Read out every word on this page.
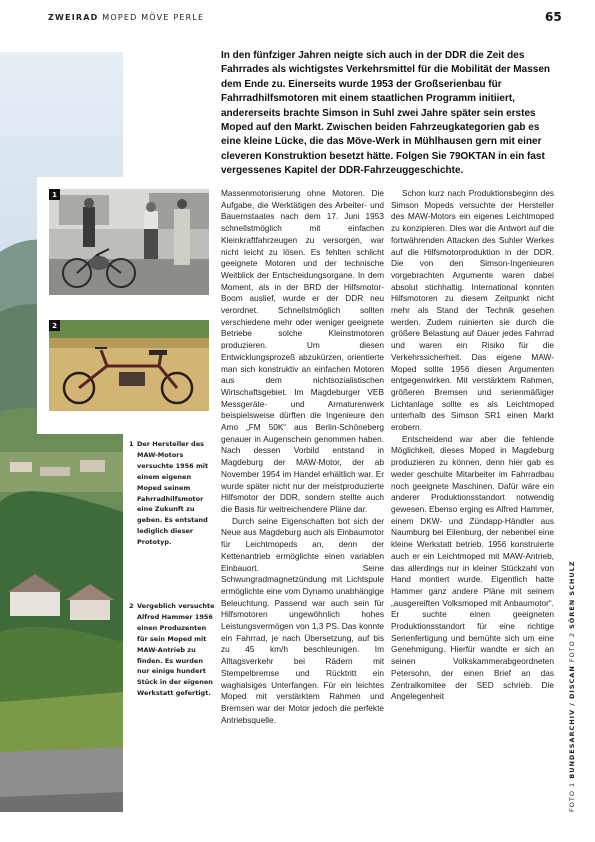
ZWEIRAD MOPED MÖVE PERLE	65
1
2
1 Der Hersteller des MAW-Motors versuchte 1956 mit einem eigenen Moped seinem Fahrradhilfsmotor eine Zukunft zu geben. Es entstand lediglich dieser Prototyp.
2 Vergeblich versuchte Alfred Hammer 1956 einen Produzenten für sein Moped mit MAW-Antrieb zu finden. Es wurden nur einige hundert Stück in der eigenen Werkstatt gefertigt.
In den fünfziger Jahren neigte sich auch in der DDR die Zeit des Fahrrades als wichtigstes Verkehrsmittel für die Mobilität der Massen dem Ende zu. Einerseits wurde 1953 der Großserienbau für Fahrradhilfsmotoren mit einem staatlichen Programm initiiert, andererseits brachte Simson in Suhl zwei Jahre später sein erstes Moped auf den Markt. Zwischen beiden Fahrzeugkategorien gab es eine kleine Lücke, die das Möve-Werk in Mühlhausen gern mit einer cleveren Konstruktion besetzt hätte. Folgen Sie 79OKTAN in ein fast vergessenes Kapitel der DDR-Fahrzeuggeschichte.

Massenmotorisierung ohne Motoren. Die Aufgabe, die Werktätigen des Arbeiter- und Bauernstaates nach dem 17. Juni 1953 schnellstmöglich mit einfachen Kleinkraftfahrzeugen zu versorgen, war nicht leicht zu lösen. Es fehlten schlicht geeignete Motoren und der technische Weitblick der Entscheidungsorgane. In dem Moment, als in der BRD der Hilfsmotor-Boom auslief, wurde er der DDR neu verordnet. Schnellstmöglich sollten verschiedene mehr oder weniger geeignete Betriebe solche Kleinstmotoren produzieren. Um diesen Entwicklungsprozeß abzukürzen, orientierte man sich konstruktiv an einfachen Motoren aus dem nichtsozialistischen Wirtschaftsgebiet. Im Magdeburger VEB Messgeräte- und Armaturenwerk beispielsweise dürften die Ingenieure den Amo „FM 50K“ aus Berlin-Schöneberg genauer in Augenschein genommen haben. Nach dessen Vorbild entstand in Magdeburg der MAW-Motor, der ab November 1954 im Handel erhältlich war. Er wurde später nicht nur der meistproduzierte Hilfsmotor der DDR, sondern stellte auch die Basis für weitreichendere Pläne dar.

Durch seine Eigenschaften bot sich der Neue aus Magdeburg auch als Einbaumotor für Leichtmopeds an, denn der Kettenantrieb ermöglichte einen variablen Einbauort. Seine Schwungradmagnetzündung mit Lichtspule ermöglichte eine vom Dynamo unabhängige Beleuchtung. Passend war auch sein für Hilfsmotoren ungewöhnlich hohes Leistungsvermögen von 1,3 PS. Das konnte ein Fahrrad, je nach Übersetzung, auf bis zu 45 km/h beschleunigen. Im Alltagsverkehr bei Rädern mit Stempelbremse und Rücktritt ein waghalsiges Unterfangen. Für ein leichtes Moped mit verstärktem Rahmen und Bremsen war der Motor jedoch die perfekte Antriebsquelle.

Schon kurz nach Produktionsbeginn des Simson Mopeds versuchte der Hersteller des MAW-Motors ein eigenes Leichtmoped zu konzipieren. Dies war die Antwort auf die fortwährenden Attacken des Suhler Werkes auf die Hilfsmotorproduktion in der DDR. Die von den Simson-Ingenieuren vorgebrachten Argumente waren dabei absolut stichhaltig. International konnten Hilfsmotoren zu diesem Zeitpunkt nicht mehr als Stand der Technik gesehen werden. Zudem ruinierten sie durch die größere Belastung auf Dauer jedes Fahrrad und waren ein Risiko für die Verkehrssicherheit. Das eigene MAW-Moped sollte 1956 diesen Argumenten entgegenwirken. Mit verstärktem Rahmen, größeren Bremsen und serienmäßiger Lichtanlage sollte es als Leichtmoped unterhalb des Simson SR1 einen Markt erobern.

Entscheidend war aber die fehlende Möglichkeit, dieses Moped in Magdeburg produzieren zu können, denn hier gab es weder geschulte Mitarbeiter im Fahrradbau noch geeignete Maschinen. Dafür wäre ein anderer Produktionsstandort notwendig gewesen. Ebenso erging es Alfred Hammer, einem DKW- und Zündapp-Händler aus Naumburg bei Eilenburg, der nebenbei eine kleine Werkstatt betrieb. 1956 konstruierte auch er ein Leichtmoped mit MAW-Antrieb, das allerdings nur in kleiner Stückzahl von Hand montiert wurde. Eigentlich hatte Hammer ganz andere Pläne mit seinem „ausgereiften Volksmoped mit Anbaumotor“. Er suchte einen geeigneten Produktionsstandort für eine richtige Serienfertigung und bemühte sich um eine Genehmigung. Hierfür wandte er sich an seinen Volkskammerabgeordneten Petersohn, der einen Brief an das Zentralkomitee der SED schrieb. Die Angelegenheit

FOTO 1 BUNDESARCHIV / DISCAN FOTO 2 SÖREN SCHULZ
